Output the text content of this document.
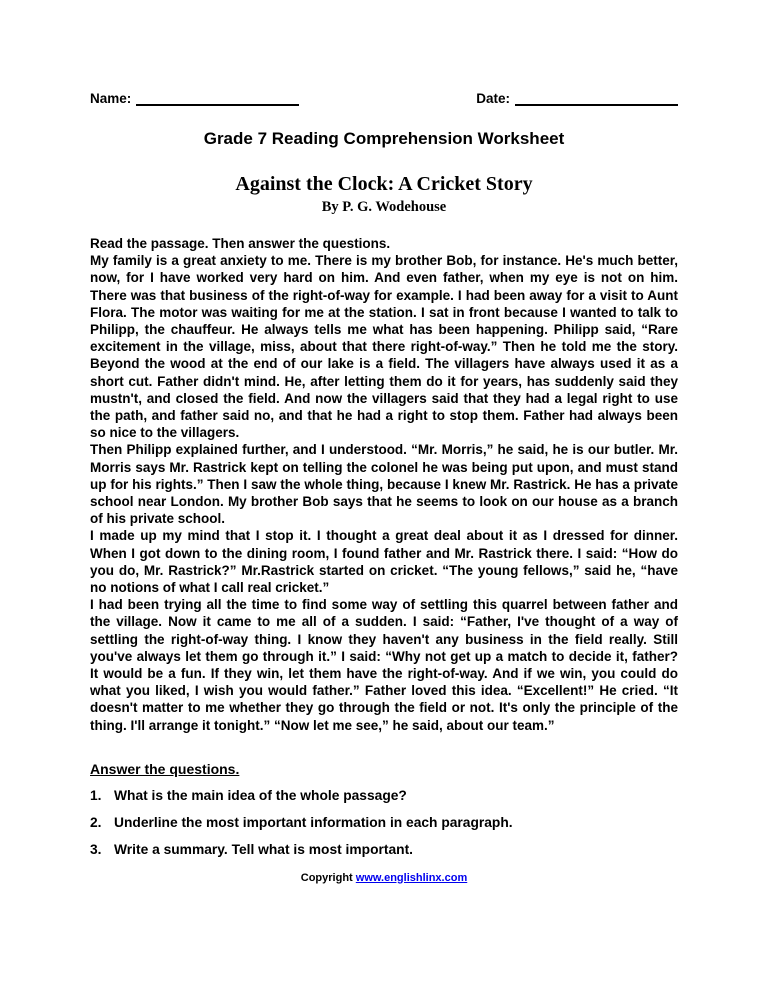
Name:	Date:
Grade 7 Reading Comprehension Worksheet
Against the Clock: A Cricket Story
By P. G. Wodehouse

Read the passage. Then answer the questions.

My family is a great anxiety to me. There is my brother Bob, for instance. He's much better, now, for I have worked very hard on him. And even father, when my eye is not on him. There was that business of the right-of-way for example. I had been away for a visit to Aunt Flora. The motor was waiting for me at the station. I sat in front because I wanted to talk to Philipp, the chauffeur. He always tells me what has been happening. Philipp said, “Rare excitement in the village, miss, about that there right-of-way.” Then he told me the story. Beyond the wood at the end of our lake is a field. The villagers have always used it as a short cut. Father didn't mind. He, after letting them do it for years, has suddenly said they mustn't, and closed the field. And now the villagers said that they had a legal right to use the path, and father said no, and that he had a right to stop them. Father had always been so nice to the villagers.

Then Philipp explained further, and I understood. “Mr. Morris,” he said, he is our butler. Mr. Morris says Mr. Rastrick kept on telling the colonel he was being put upon, and must stand up for his rights.” Then I saw the whole thing, because I knew Mr. Rastrick. He has a private school near London. My brother Bob says that he seems to look on our house as a branch of his private school.

I made up my mind that I stop it. I thought a great deal about it as I dressed for dinner. When I got down to the dining room, I found father and Mr. Rastrick there. I said: “How do you do, Mr. Rastrick?” Mr.Rastrick started on cricket. “The young fellows,” said he, “have no notions of what I call real cricket.”

I had been trying all the time to find some way of settling this quarrel between father and the village. Now it came to me all of a sudden. I said: “Father, I've thought of a way of settling the right-of-way thing. I know they haven't any business in the field really. Still you've always let them go through it.” I said: “Why not get up a match to decide it, father? It would be a fun. If they win, let them have the right-of-way. And if we win, you could do what you liked, I wish you would father.” Father loved this idea. “Excellent!” He cried. “It doesn't matter to me whether they go through the field or not. It's only the principle of the thing. I'll arrange it tonight.” “Now let me see,” he said, about our team.”

Answer the questions.

1. What is the main idea of the whole passage?
2. Underline the most important information in each paragraph.
3. Write a summary. Tell what is most important.
Copyright www.englishlinx.com
